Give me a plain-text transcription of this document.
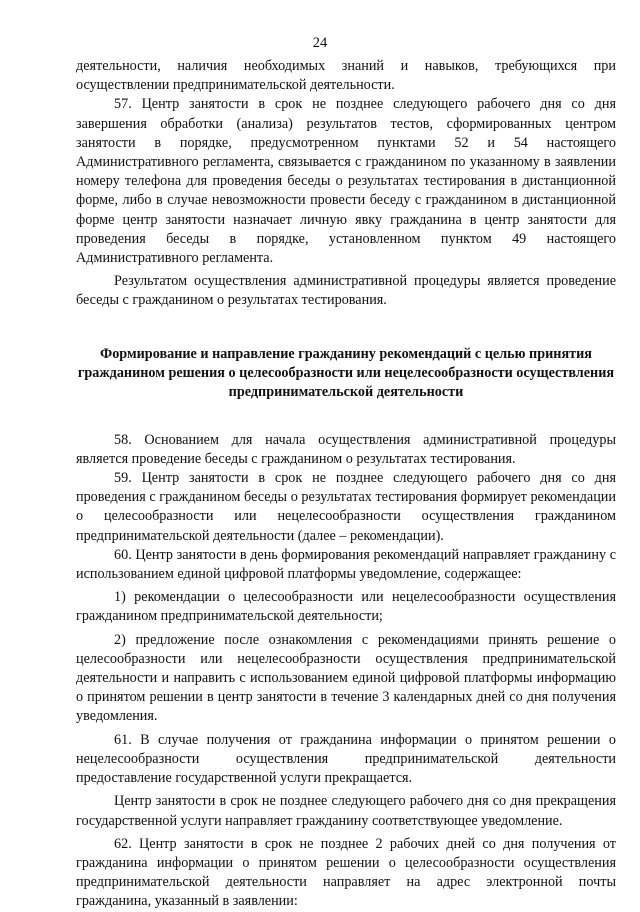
24

деятельности, наличия необходимых знаний и навыков, требующихся при осуществлении предпринимательской деятельности.

57. Центр занятости в срок не позднее следующего рабочего дня со дня завершения обработки (анализа) результатов тестов, сформированных центром занятости в порядке, предусмотренном пунктами 52 и 54 настоящего Административного регламента, связывается с гражданином по указанному в заявлении номеру телефона для проведения беседы о результатах тестирования в дистанционной форме, либо в случае невозможности провести беседу с гражданином в дистанционной форме центр занятости назначает личную явку гражданина в центр занятости для проведения беседы в порядке, установленном пунктом 49 настоящего Административного регламента.

Результатом осуществления административной процедуры является проведение беседы с гражданином о результатах тестирования.

Формирование и направление гражданину рекомендаций с целью принятия гражданином решения о целесообразности или нецелесообразности осуществления предпринимательской деятельности

58. Основанием для начала осуществления административной процедуры является проведение беседы с гражданином о результатах тестирования.

59. Центр занятости в срок не позднее следующего рабочего дня со дня проведения с гражданином беседы о результатах тестирования формирует рекомендации о целесообразности или нецелесообразности осуществления гражданином предпринимательской деятельности (далее – рекомендации).

60. Центр занятости в день формирования рекомендаций направляет гражданину с использованием единой цифровой платформы уведомление, содержащее:

1) рекомендации о целесообразности или нецелесообразности осуществления гражданином предпринимательской деятельности;

2) предложение после ознакомления с рекомендациями принять решение о целесообразности или нецелесообразности осуществления предпринимательской деятельности и направить с использованием единой цифровой платформы информацию о принятом решении в центр занятости в течение 3 календарных дней со дня получения уведомления.

61. В случае получения от гражданина информации о принятом решении о нецелесообразности осуществления предпринимательской деятельности предоставление государственной услуги прекращается.

Центр занятости в срок не позднее следующего рабочего дня со дня прекращения государственной услуги направляет гражданину соответствующее уведомление.

62. Центр занятости в срок не позднее 2 рабочих дней со дня получения от гражданина информации о принятом решении о целесообразности осуществления предпринимательской деятельности направляет на адрес электронной почты гражданина, указанный в заявлении:
